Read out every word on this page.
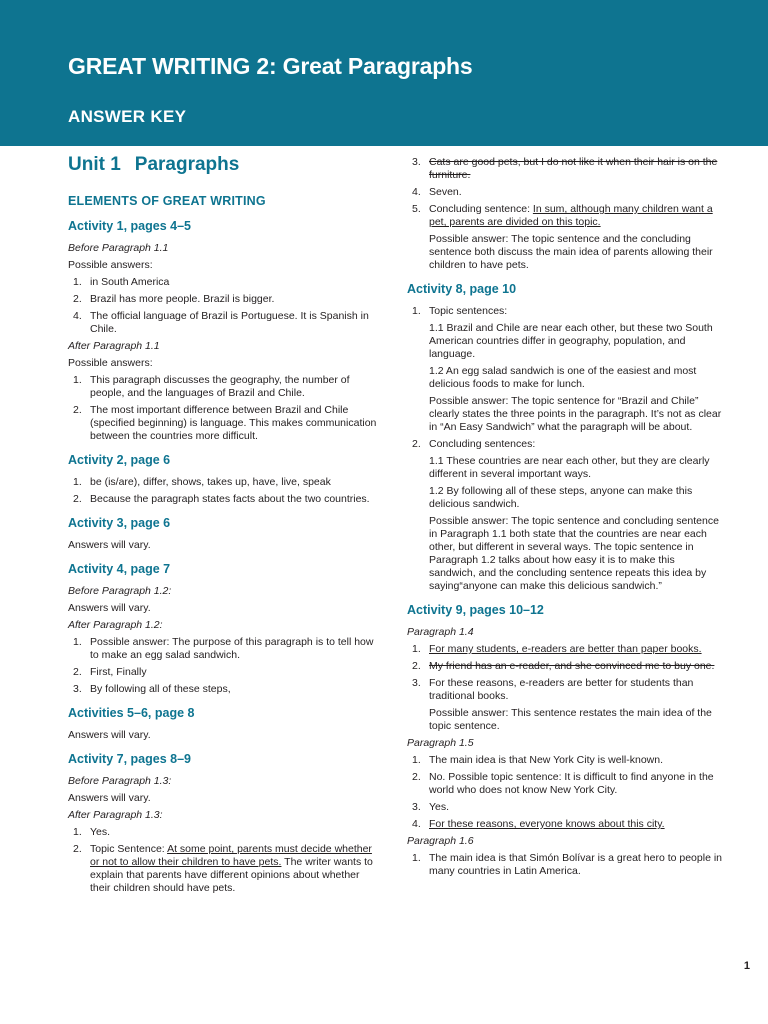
GREAT WRITING 2: Great Paragraphs
ANSWER KEY
Unit 1 Paragraphs
ELEMENTS OF GREAT WRITING
Activity 1, pages 4–5
Before Paragraph 1.1
Possible answers:
1. in South America
2. Brazil has more people. Brazil is bigger.
4. The official language of Brazil is Portuguese. It is Spanish in Chile.
After Paragraph 1.1
Possible answers:
1. This paragraph discusses the geography, the number of people, and the languages of Brazil and Chile.
2. The most important difference between Brazil and Chile (specified beginning) is language. This makes communication between the countries more difficult.
Activity 2, page 6
1. be (is/are), differ, shows, takes up, have, live, speak
2. Because the paragraph states facts about the two countries.
Activity 3, page 6
Answers will vary.
Activity 4, page 7
Before Paragraph 1.2:
Answers will vary.
After Paragraph 1.2:
1. Possible answer: The purpose of this paragraph is to tell how to make an egg salad sandwich.
2. First, Finally
3. By following all of these steps,
Activities 5–6, page 8
Answers will vary.
Activity 7, pages 8–9
Before Paragraph 1.3:
Answers will vary.
After Paragraph 1.3:
1. Yes.
2. Topic Sentence: At some point, parents must decide whether or not to allow their children to have pets. The writer wants to explain that parents have different opinions about whether their children should have pets.
3. Cats are good pets, but I do not like it when their hair is on the furniture.
4. Seven.
5. Concluding sentence: In sum, although many children want a pet, parents are divided on this topic.
Possible answer: The topic sentence and the concluding sentence both discuss the main idea of parents allowing their children to have pets.
Activity 8, page 10
1. Topic sentences:
1.1 Brazil and Chile are near each other, but these two South American countries differ in geography, population, and language.
1.2 An egg salad sandwich is one of the easiest and most delicious foods to make for lunch.
Possible answer: The topic sentence for “Brazil and Chile” clearly states the three points in the paragraph. It’s not as clear in “An Easy Sandwich” what the paragraph will be about.
2. Concluding sentences:
1.1 These countries are near each other, but they are clearly different in several important ways.
1.2 By following all of these steps, anyone can make this delicious sandwich.
Possible answer: The topic sentence and concluding sentence in Paragraph 1.1 both state that the countries are near each other, but different in several ways. The topic sentence in Paragraph 1.2 talks about how easy it is to make this sandwich, and the concluding sentence repeats this idea by saying“anyone can make this delicious sandwich.”
Activity 9, pages 10–12
Paragraph 1.4
1. For many students, e-readers are better than paper books.
2. My friend has an e-reader, and she convinced me to buy one.
3. For these reasons, e-readers are better for students than traditional books.
Possible answer: This sentence restates the main idea of the topic sentence.
Paragraph 1.5
1. The main idea is that New York City is well-known.
2. No. Possible topic sentence: It is difficult to find anyone in the world who does not know New York City.
3. Yes.
4. For these reasons, everyone knows about this city.
Paragraph 1.6
1. The main idea is that Simón Bolívar is a great hero to people in many countries in Latin America.
1
